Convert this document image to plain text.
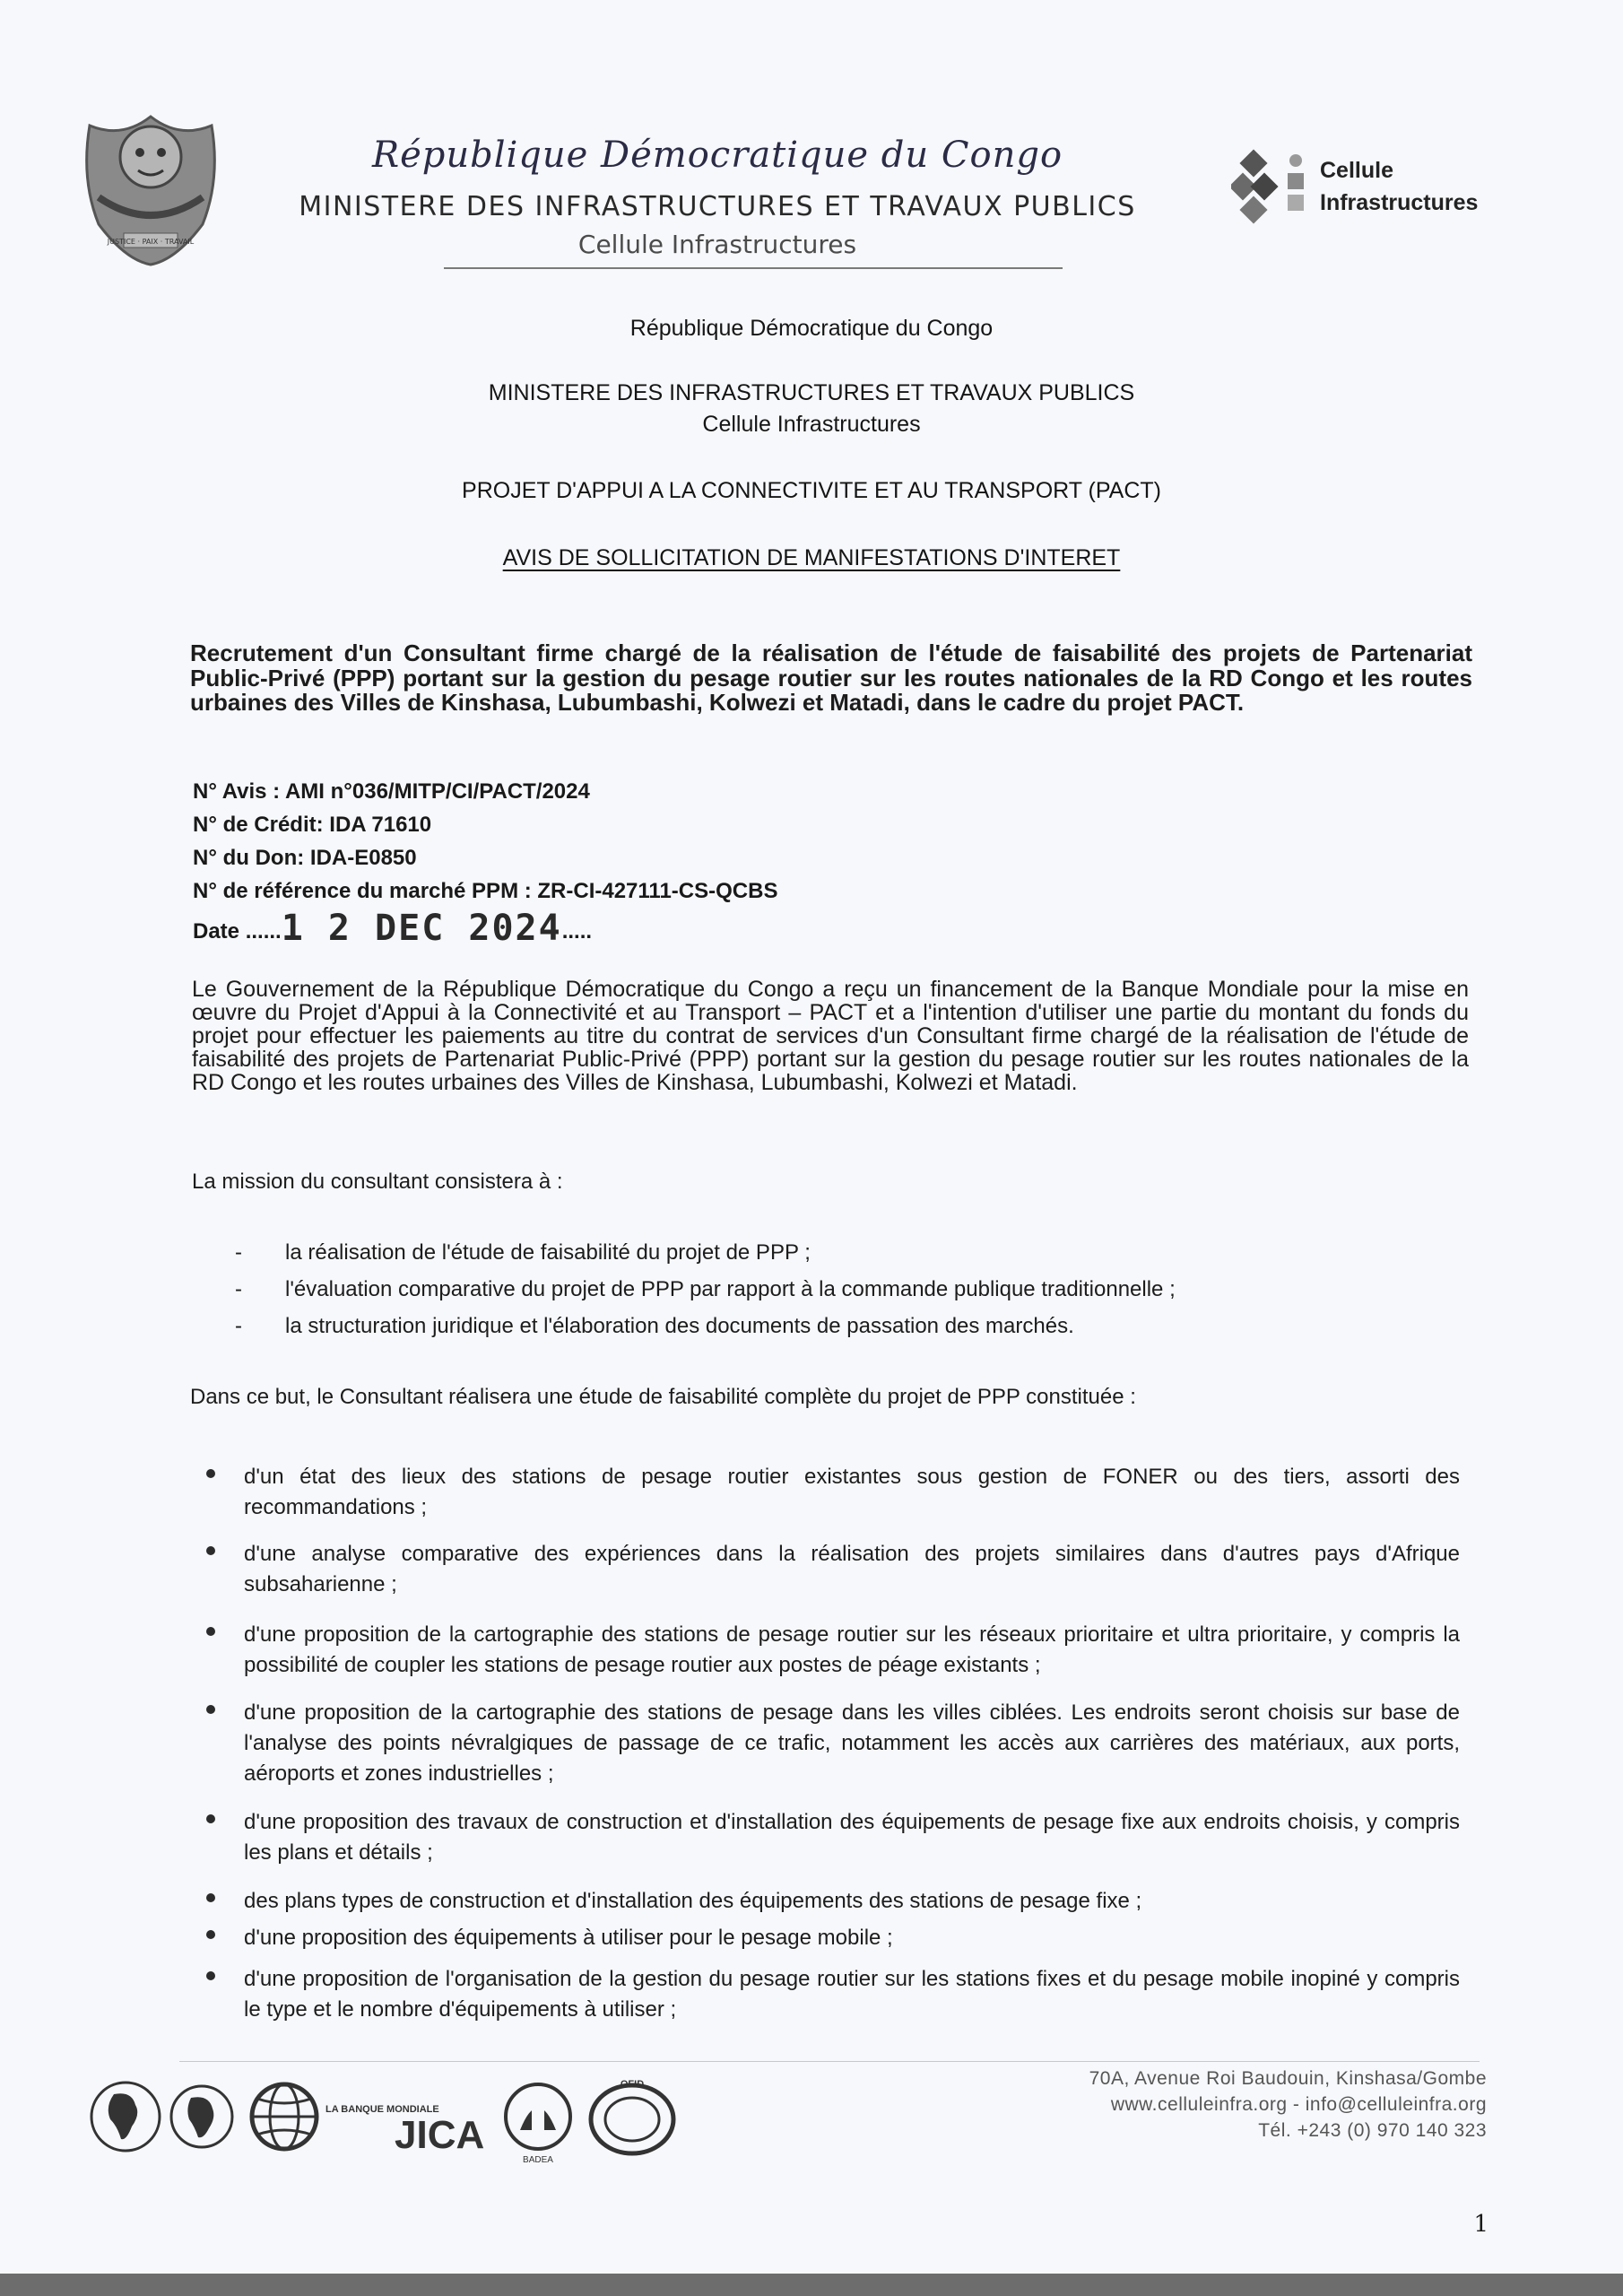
JUSTICE · PAIX · TRAVAIL
République Démocratique du Congo
MINISTERE DES INFRASTRUCTURES ET TRAVAUX PUBLICS
Cellule Infrastructures
Cellule
Infrastructures
République Démocratique du Congo
MINISTERE DES INFRASTRUCTURES ET TRAVAUX PUBLICS
Cellule Infrastructures
PROJET D'APPUI A LA CONNECTIVITE ET AU TRANSPORT (PACT)
AVIS DE SOLLICITATION DE MANIFESTATIONS D'INTERET
Recrutement d'un Consultant firme chargé de la réalisation de l'étude de faisabilité des projets de Partenariat Public-Privé (PPP) portant sur la gestion du pesage routier sur les routes nationales de la RD Congo et les routes urbaines des Villes de Kinshasa, Lubumbashi, Kolwezi et Matadi, dans le cadre du projet PACT.
N° Avis : AMI n°036/MITP/CI/PACT/2024
N° de Crédit: IDA 71610
N° du Don: IDA-E0850
N° de référence du marché PPM : ZR-CI-427111-CS-QCBS
Date ......1 2 DEC 2024.....
Le Gouvernement de la République Démocratique du Congo a reçu un financement de la Banque Mondiale pour la mise en œuvre du Projet d'Appui à la Connectivité et au Transport – PACT et a l'intention d'utiliser une partie du montant du fonds du projet pour effectuer les paiements au titre du contrat de services d'un Consultant firme chargé de la réalisation de l'étude de faisabilité des projets de Partenariat Public-Privé (PPP) portant sur la gestion du pesage routier sur les routes nationales de la RD Congo et les routes urbaines des Villes de Kinshasa, Lubumbashi, Kolwezi et Matadi.
La mission du consultant consistera à :
- la réalisation de l'étude de faisabilité du projet de PPP ;
- l'évaluation comparative du projet de PPP par rapport à la commande publique traditionnelle ;
- la structuration juridique et l'élaboration des documents de passation des marchés.
Dans ce but, le Consultant réalisera une étude de faisabilité complète du projet de PPP constituée :
d'un état des lieux des stations de pesage routier existantes sous gestion de FONER ou des tiers, assorti des recommandations ;
d'une analyse comparative des expériences dans la réalisation des projets similaires dans d'autres pays d'Afrique subsaharienne ;
d'une proposition de la cartographie des stations de pesage routier sur les réseaux prioritaire et ultra prioritaire, y compris la possibilité de coupler les stations de pesage routier aux postes de péage existants ;
d'une proposition de la cartographie des stations de pesage dans les villes ciblées. Les endroits seront choisis sur base de l'analyse des points névralgiques de passage de ce trafic, notamment les accès aux carrières des matériaux, aux ports, aéroports et zones industrielles ;
d'une proposition des travaux de construction et d'installation des équipements de pesage fixe aux endroits choisis, y compris les plans et détails ;
des plans types de construction et d'installation des équipements des stations de pesage fixe ;
d'une proposition des équipements à utiliser pour le pesage mobile ;
d'une proposition de l'organisation de la gestion du pesage routier sur les stations fixes et du pesage mobile inopiné y compris le type et le nombre d'équipements à utiliser ;
LA BANQUE MONDIALE
JICA
BADEA
OFID	70A, Avenue Roi Baudouin, Kinshasa/Gombe
www.celluleinfra.org - info@celluleinfra.org
Tél. +243 (0) 970 140 323
1
